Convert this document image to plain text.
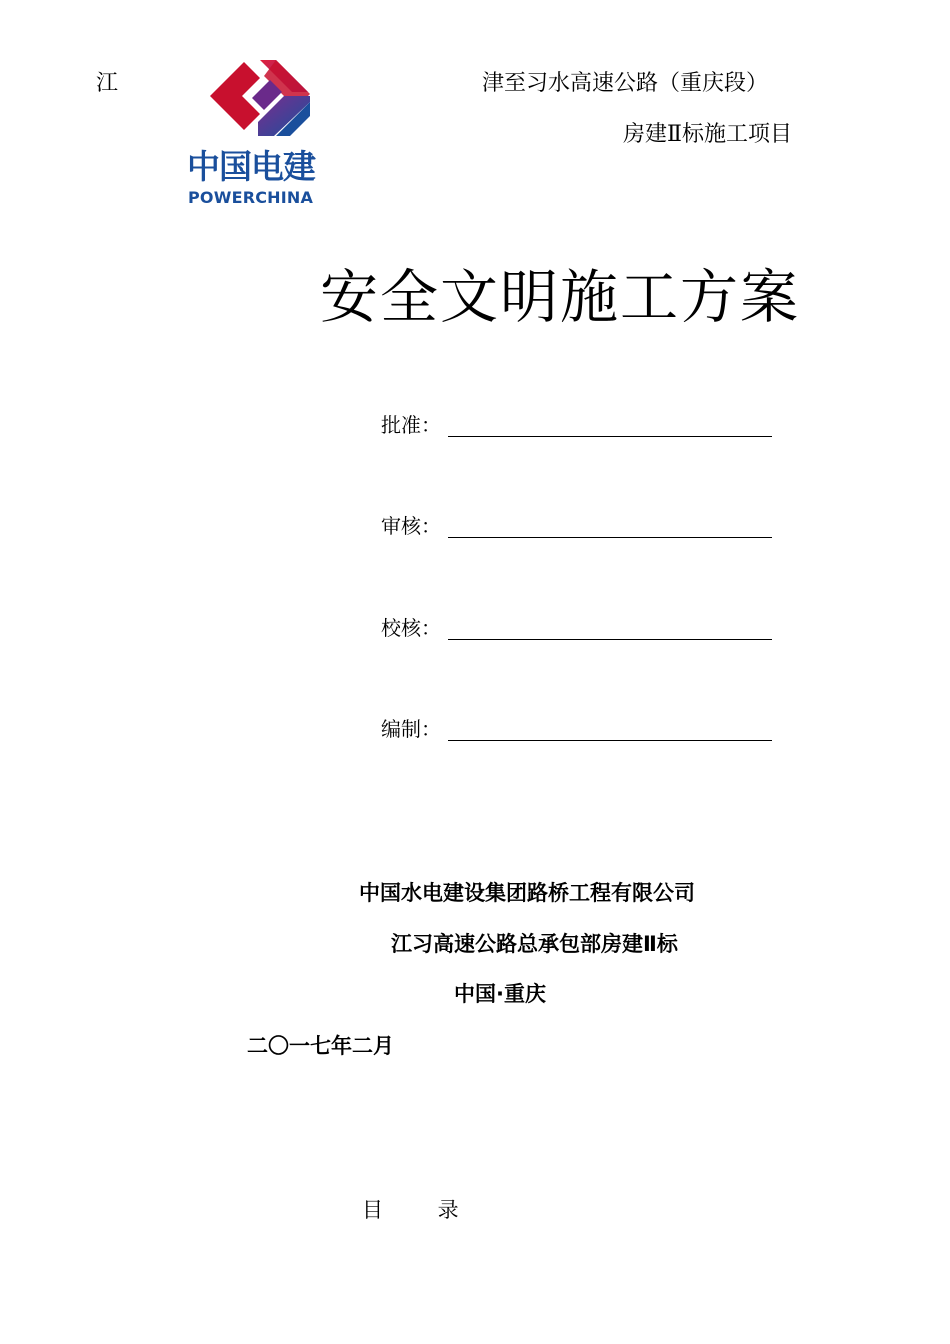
江	津至习水高速公路（重庆段）
房建Ⅱ标施工项目
中国电建
POWERCHINA
安全文明施工方案
批准：
审核：
校核：
编制：
中国水电建设集团路桥工程有限公司
江习高速公路总承包部房建Ⅱ标
中国·重庆
二〇一七年二月
目 录
